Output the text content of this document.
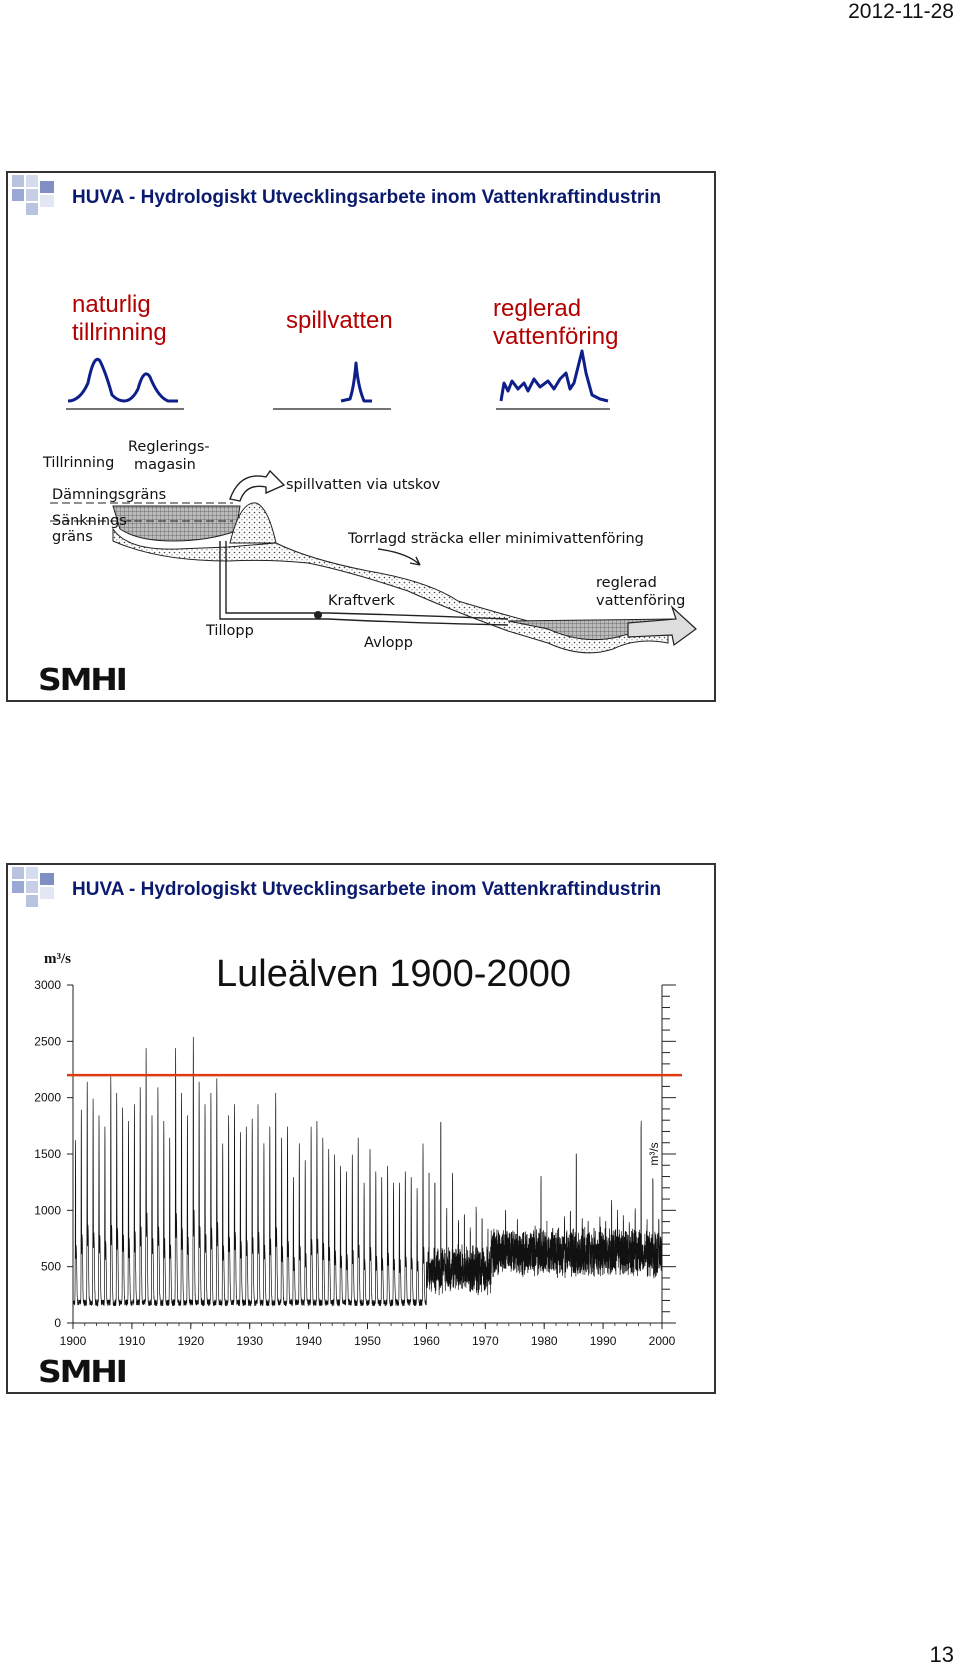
2012-11-28
HUVA - Hydrologiskt Utvecklingsarbete inom Vattenkraftindustrin
naturlig
tillrinning	spillvatten	reglerad
vattenföring
Tillrinning
Reglerings-
magasin
Dämningsgräns
Sänknings-
gräns
spillvatten via utskov
Torrlagd sträcka eller minimivattenföring
reglerad
vattenföring
Kraftverk
Tillopp
Avlopp
SMHI
HUVA - Hydrologiskt Utvecklingsarbete inom Vattenkraftindustrin
m³/s	Luleälven 1900-2000
0
500
1000
1500
2000
2500
3000
m³/s
1900	1910	1920	1930	1940	1950	1960	1970	1980	1990	2000
SMHI
13
